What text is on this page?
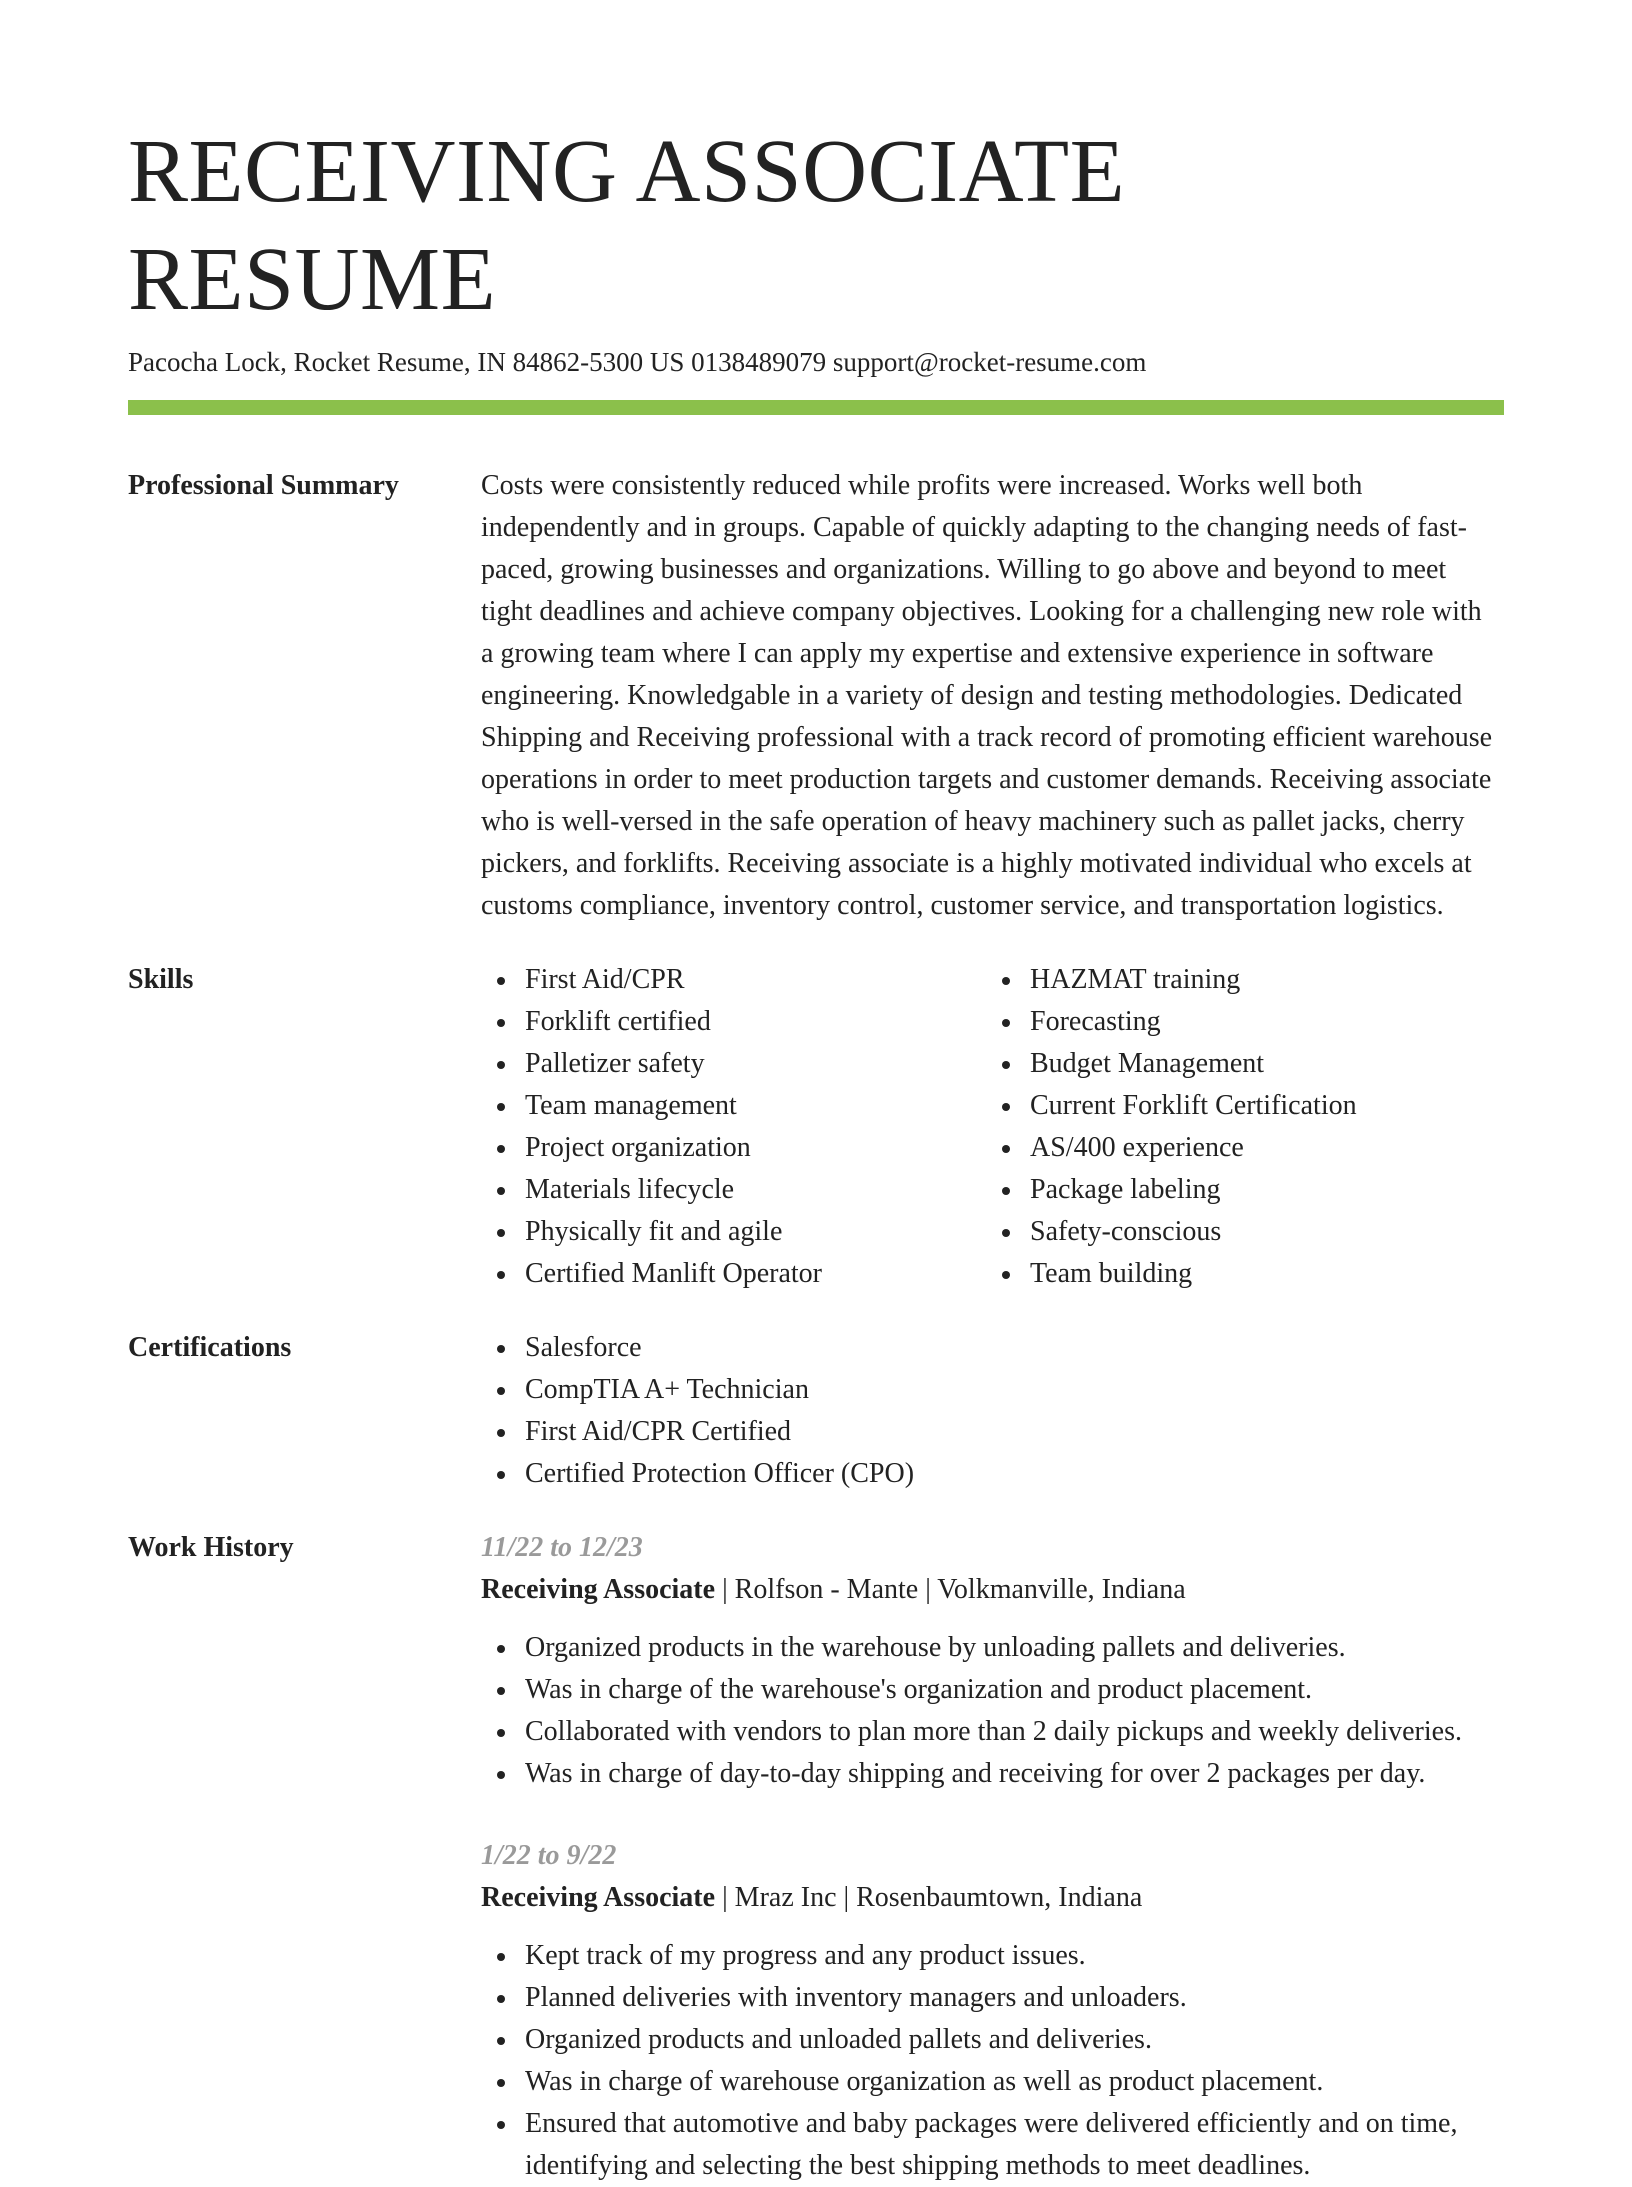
RECEIVING ASSOCIATE RESUME
Pacocha Lock, Rocket Resume, IN 84862-5300 US 0138489079 support@rocket-resume.com
Professional Summary	Costs were consistently reduced while profits were increased. Works well both independently and in groups. Capable of quickly adapting to the changing needs of fast-paced, growing businesses and organizations. Willing to go above and beyond to meet tight deadlines and achieve company objectives. Looking for a challenging new role with a growing team where I can apply my expertise and extensive experience in software engineering. Knowledgable in a variety of design and testing methodologies. Dedicated Shipping and Receiving professional with a track record of promoting efficient warehouse operations in order to meet production targets and customer demands. Receiving associate who is well-versed in the safe operation of heavy machinery such as pallet jacks, cherry pickers, and forklifts. Receiving associate is a highly motivated individual who excels at customs compliance, inventory control, customer service, and transportation logistics.

Skills	First Aid/CPR
Forklift certified
Palletizer safety
Team management
Project organization
Materials lifecycle
Physically fit and agile
Certified Manlift Operator
HAZMAT training
Forecasting
Budget Management
Current Forklift Certification
AS/400 experience
Package labeling
Safety-conscious
Team building
Certifications	Salesforce
CompTIA A+ Technician
First Aid/CPR Certified
Certified Protection Officer (CPO)
Work History	11/22 to 12/23
Receiving Associate | Rolfson - Mante | Volkmanville, Indiana
Organized products in the warehouse by unloading pallets and deliveries.
Was in charge of the warehouse's organization and product placement.
Collaborated with vendors to plan more than 2 daily pickups and weekly deliveries.
Was in charge of day-to-day shipping and receiving for over 2 packages per day.
1/22 to 9/22
Receiving Associate | Mraz Inc | Rosenbaumtown, Indiana
Kept track of my progress and any product issues.
Planned deliveries with inventory managers and unloaders.
Organized products and unloaded pallets and deliveries.
Was in charge of warehouse organization as well as product placement.
Ensured that automotive and baby packages were delivered efficiently and on time, identifying and selecting the best shipping methods to meet deadlines.
